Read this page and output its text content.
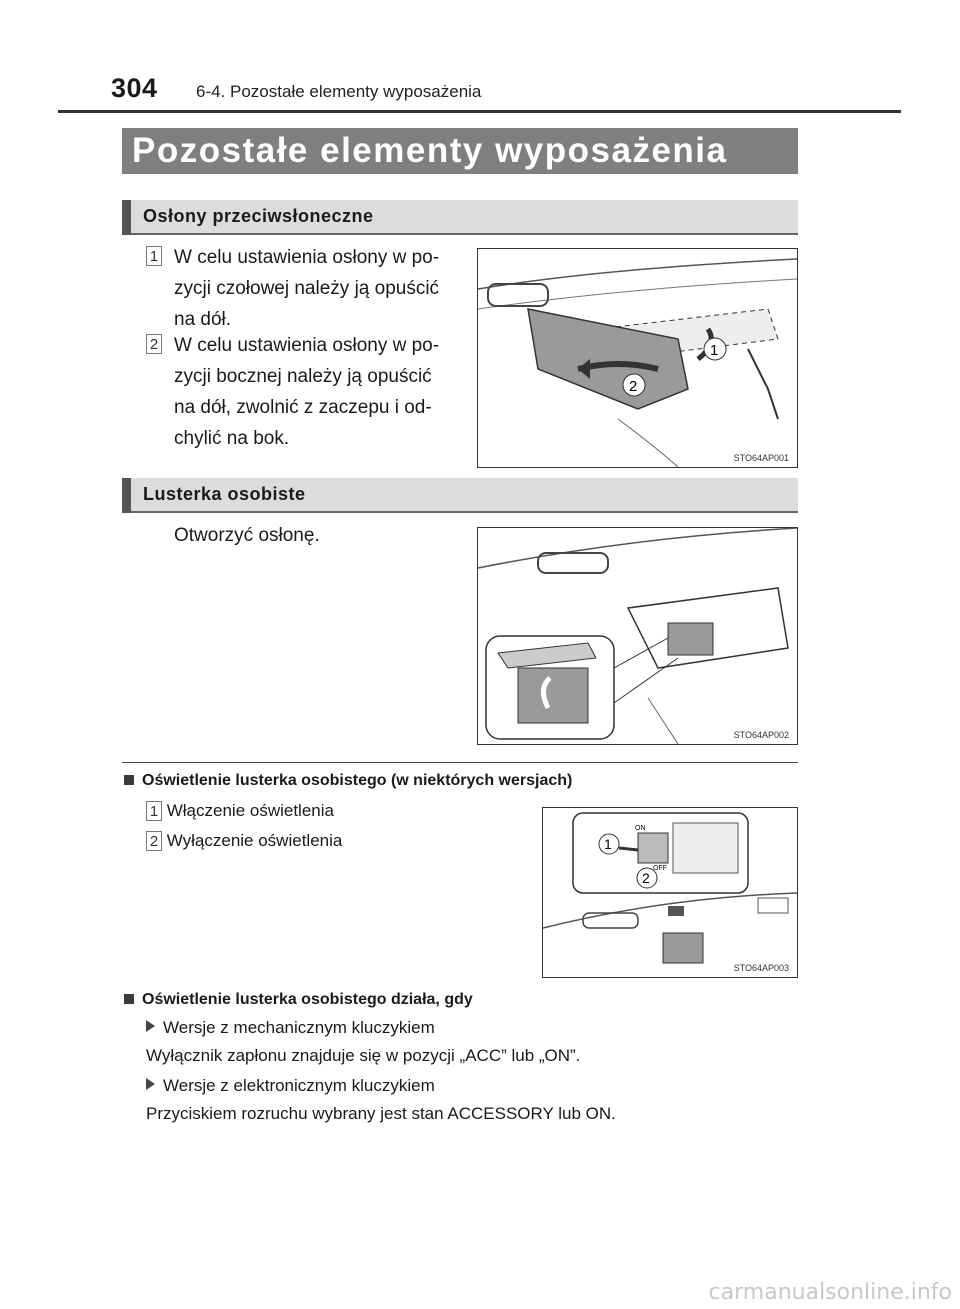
304 6-4. Pozostałe elementy wyposażenia
Pozostałe elementy wyposażenia
Osłony przeciwsłoneczne
1 W celu ustawienia osłony w po-
zycji czołowej należy ją opuścić
na dół.
2 W celu ustawienia osłony w po-
zycji bocznej należy ją opuścić
na dół, zwolnić z zaczepu i od-
chylić na bok.
1
2
STO64AP001
Lusterka osobiste
Otworzyć osłonę.
STO64AP002
Oświetlenie lusterka osobistego (w niektórych wersjach)
1 Włączenie oświetlenia
2 Wyłączenie oświetlenia
ON
OFF
1
2
STO64AP003
Oświetlenie lusterka osobistego działa, gdy
Wersje z mechanicznym kluczykiem
Wyłącznik zapłonu znajduje się w pozycji „ACC” lub „ON”.
Wersje z elektronicznym kluczykiem
Przyciskiem rozruchu wybrany jest stan ACCESSORY lub ON.
carmanualsonline.info
